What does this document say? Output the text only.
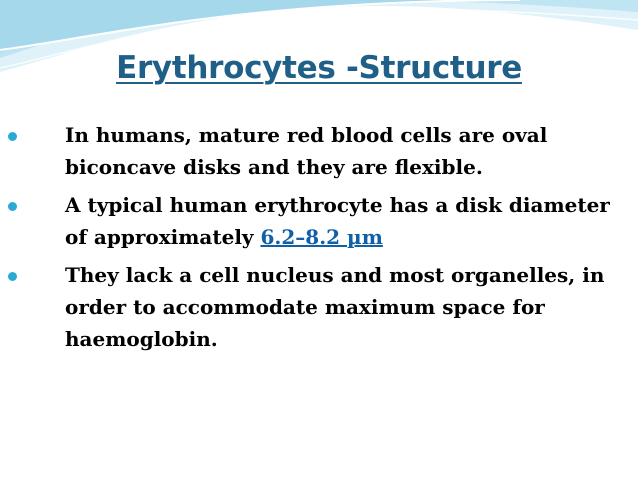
Erythrocytes -Structure
In humans, mature red blood cells are oval biconcave disks and they are flexible.
A typical human erythrocyte has a disk diameter of approximately 6.2–8.2 µm
They lack a cell nucleus and most organelles, in order to accommodate maximum space for haemoglobin.
